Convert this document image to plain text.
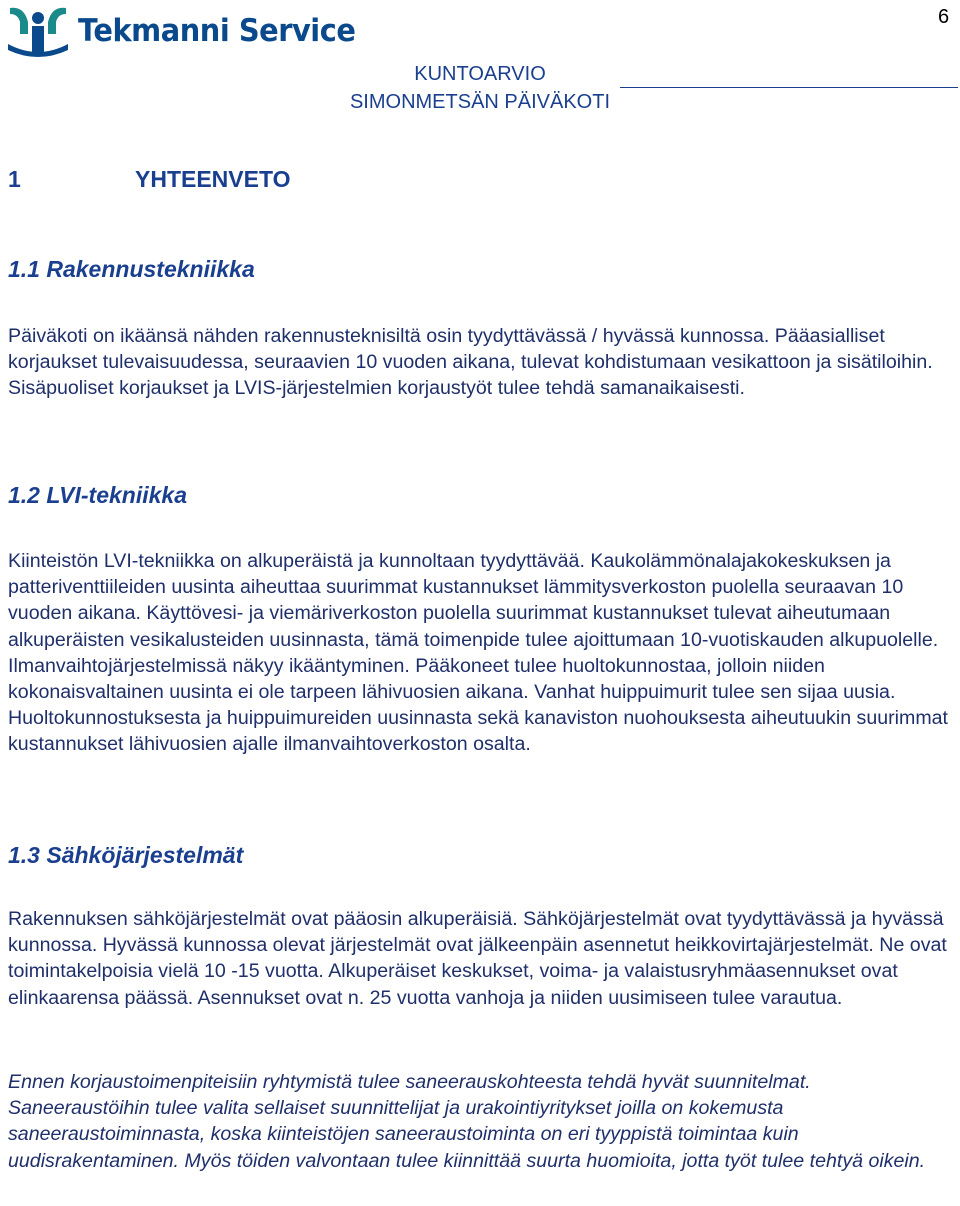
6
Tekmanni Service
KUNTOARVIO
SIMONMETSÄN PÄIVÄKOTI
1	YHTEENVETO
1.1 Rakennustekniikka

Päiväkoti on ikäänsä nähden rakennusteknisiltä osin tyydyttävässä / hyvässä kunnossa. Pääasialliset korjaukset tulevaisuudessa, seuraavien 10 vuoden aikana, tulevat kohdistumaan vesikattoon ja sisätiloihin. Sisäpuoliset korjaukset ja LVIS-järjestelmien korjaustyöt tulee tehdä samanaikaisesti.

1.2 LVI-tekniikka

Kiinteistön LVI-tekniikka on alkuperäistä ja kunnoltaan tyydyttävää. Kaukolämmönalajakokeskuksen ja patteriventtiileiden uusinta aiheuttaa suurimmat kustannukset lämmitysverkoston puolella seuraavan 10 vuoden aikana. Käyttövesi- ja viemäriverkoston puolella suurimmat kustannukset tulevat aiheutumaan alkuperäisten vesikalusteiden uusinnasta, tämä toimenpide tulee ajoittumaan 10-vuotiskauden alkupuolelle. Ilmanvaihtojärjestelmissä näkyy ikääntyminen. Pääkoneet tulee huoltokunnostaa, jolloin niiden kokonaisvaltainen uusinta ei ole tarpeen lähivuosien aikana. Vanhat huippuimurit tulee sen sijaa uusia. Huoltokunnostuksesta ja huippuimureiden uusinnasta sekä kanaviston nuohouksesta aiheutuukin suurimmat kustannukset lähivuosien ajalle ilmanvaihtoverkoston osalta.

1.3 Sähköjärjestelmät

Rakennuksen sähköjärjestelmät ovat pääosin alkuperäisiä. Sähköjärjestelmät ovat tyydyttävässä ja hyvässä kunnossa. Hyvässä kunnossa olevat järjestelmät ovat jälkeenpäin asennetut heikkovirtajärjestelmät. Ne ovat toimintakelpoisia vielä 10 -15 vuotta. Alkuperäiset keskukset, voima- ja valaistusryhmäasennukset ovat elinkaarensa päässä. Asennukset ovat n. 25 vuotta vanhoja ja niiden uusimiseen tulee varautua.

Ennen korjaustoimenpiteisiin ryhtymistä tulee saneerauskohteesta tehdä hyvät suunnitelmat. Saneeraustöihin tulee valita sellaiset suunnittelijat ja urakointiyritykset joilla on kokemusta saneeraustoiminnasta, koska kiinteistöjen saneeraustoiminta on eri tyyppistä toimintaa kuin uudisrakentaminen. Myös töiden valvontaan tulee kiinnittää suurta huomioita, jotta työt tulee tehtyä oikein.
